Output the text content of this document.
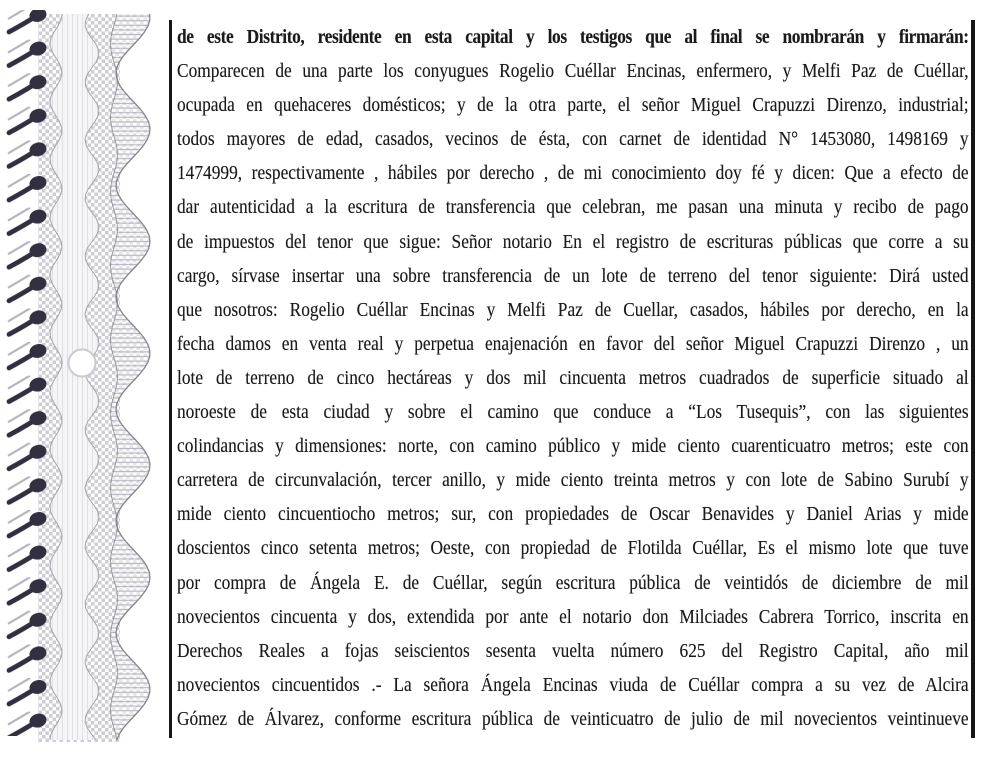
de este Distrito, residente en esta capital y los testigos que al final se nombrarán y firmarán:
Comparecen de una parte los conyugues Rogelio Cuéllar Encinas, enfermero, y Melfi Paz de Cuéllar,
ocupada en quehaceres domésticos; y de la otra parte, el señor Miguel Crapuzzi Direnzo, industrial;
todos mayores de edad, casados, vecinos de ésta, con carnet de identidad N° 1453080, 1498169 y
1474999, respectivamente , hábiles por derecho , de mi conocimiento doy fé y dicen: Que a efecto de
dar autenticidad a la escritura de transferencia que celebran, me pasan una minuta y recibo de pago
de impuestos del tenor que sigue: Señor notario En el registro de escrituras públicas que corre a su
cargo, sírvase insertar una sobre transferencia de un lote de terreno del tenor siguiente: Dirá usted
que nosotros: Rogelio Cuéllar Encinas y Melfi Paz de Cuellar, casados, hábiles por derecho, en la
fecha damos en venta real y perpetua enajenación en favor del señor Miguel Crapuzzi Direnzo , un
lote de terreno de cinco hectáreas y dos mil cincuenta metros cuadrados de superficie situado al
noroeste de esta ciudad y sobre el camino que conduce a “Los Tusequis”, con las siguientes
colindancias y dimensiones: norte, con camino público y mide ciento cuarenticuatro metros; este con
carretera de circunvalación, tercer anillo, y mide ciento treinta metros y con lote de Sabino Surubí y
mide ciento cincuentiocho metros; sur, con propiedades de Oscar Benavides y Daniel Arias y mide
doscientos cinco setenta metros; Oeste, con propiedad de Flotilda Cuéllar, Es el mismo lote que tuve
por compra de Ángela E. de Cuéllar, según escritura pública de veintidós de diciembre de mil
novecientos cincuenta y dos, extendida por ante el notario don Milciades Cabrera Torrico, inscrita en
Derechos Reales a fojas seiscientos sesenta vuelta número 625 del Registro Capital, año mil
novecientos cincuentidos .- La señora Ángela Encinas viuda de Cuéllar compra a su vez de Alcira
Gómez de Álvarez, conforme escritura pública de veinticuatro de julio de mil novecientos veintinueve
